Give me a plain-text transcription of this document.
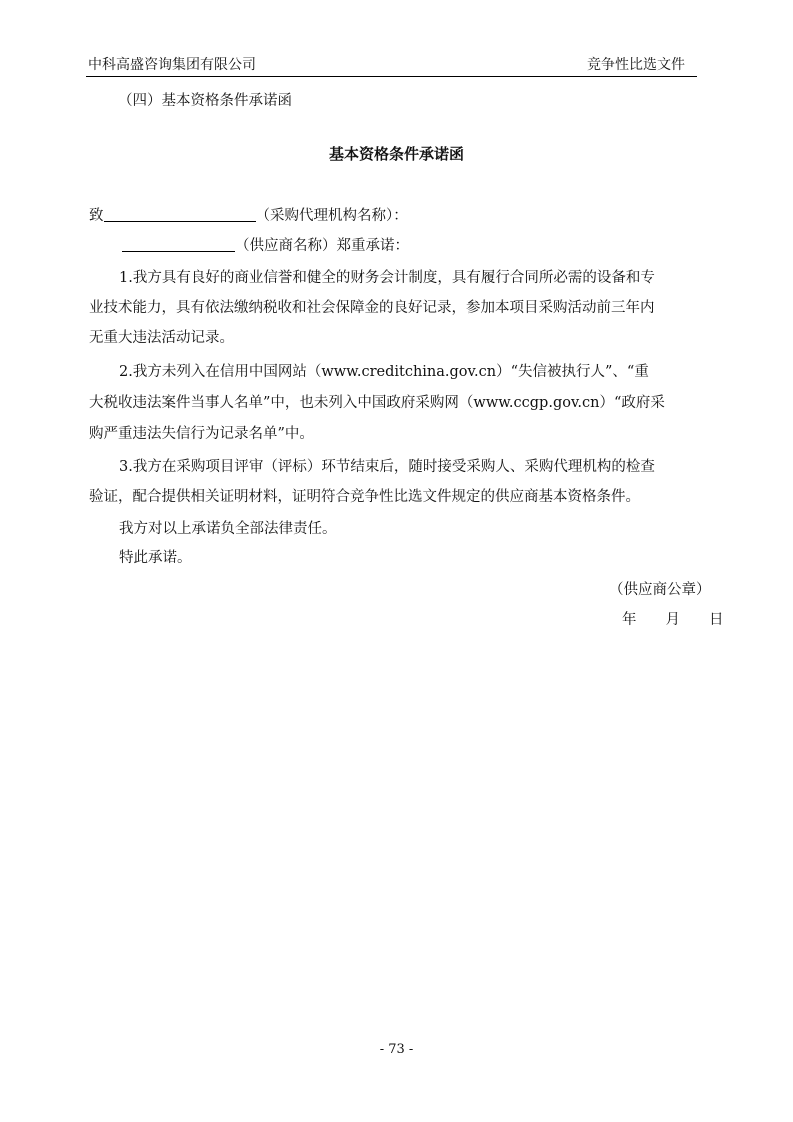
中科高盛咨询集团有限公司	竞争性比选文件
（四）基本资格条件承诺函
基本资格条件承诺函
致	（采购代理机构名称）：
（供应商名称）郑重承诺：
1.我方具有良好的商业信誉和健全的财务会计制度，具有履行合同所必需的设备和专
业技术能力，具有依法缴纳税收和社会保障金的良好记录，参加本项目采购活动前三年内
无重大违法活动记录。
2.我方未列入在信用中国网站（www.creditchina.gov.cn）“失信被执行人”、“重
大税收违法案件当事人名单”中，也未列入中国政府采购网（www.ccgp.gov.cn）“政府采
购严重违法失信行为记录名单”中。
3.我方在采购项目评审（评标）环节结束后，随时接受采购人、采购代理机构的检查
验证，配合提供相关证明材料，证明符合竞争性比选文件规定的供应商基本资格条件。
我方对以上承诺负全部法律责任。
特此承诺。
（供应商公章）
年　　月　　日
- 73 -
